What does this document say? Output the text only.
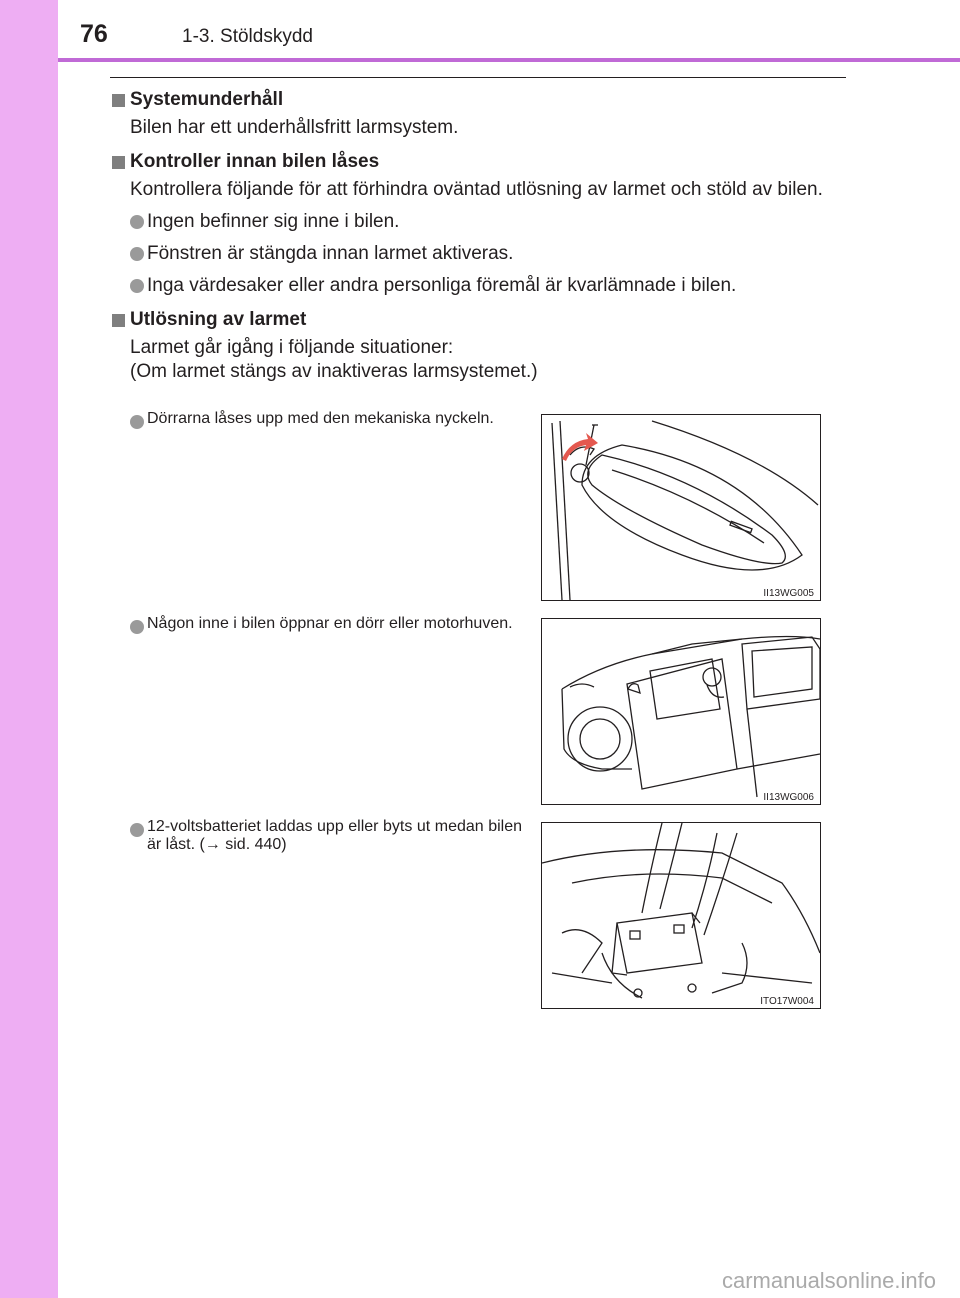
76	1-3. Stöldskydd

Systemunderhåll

Bilen har ett underhållsfritt larmsystem.

Kontroller innan bilen låses

Kontrollera följande för att förhindra oväntad utlösning av larmet och stöld av bilen.

Ingen befinner sig inne i bilen.

Fönstren är stängda innan larmet aktiveras.

Inga värdesaker eller andra personliga föremål är kvarlämnade i bilen.

Utlösning av larmet

Larmet går igång i följande situationer:

(Om larmet stängs av inaktiveras larmsystemet.)

Dörrarna låses upp med den mekaniska nyckeln.

II13WG005

Någon inne i bilen öppnar en dörr eller motorhuven.

II13WG006

12-voltsbatteriet laddas upp eller byts ut medan bilen är låst. (→ sid. 440)

ITO17W004
carmanualsonline.info
